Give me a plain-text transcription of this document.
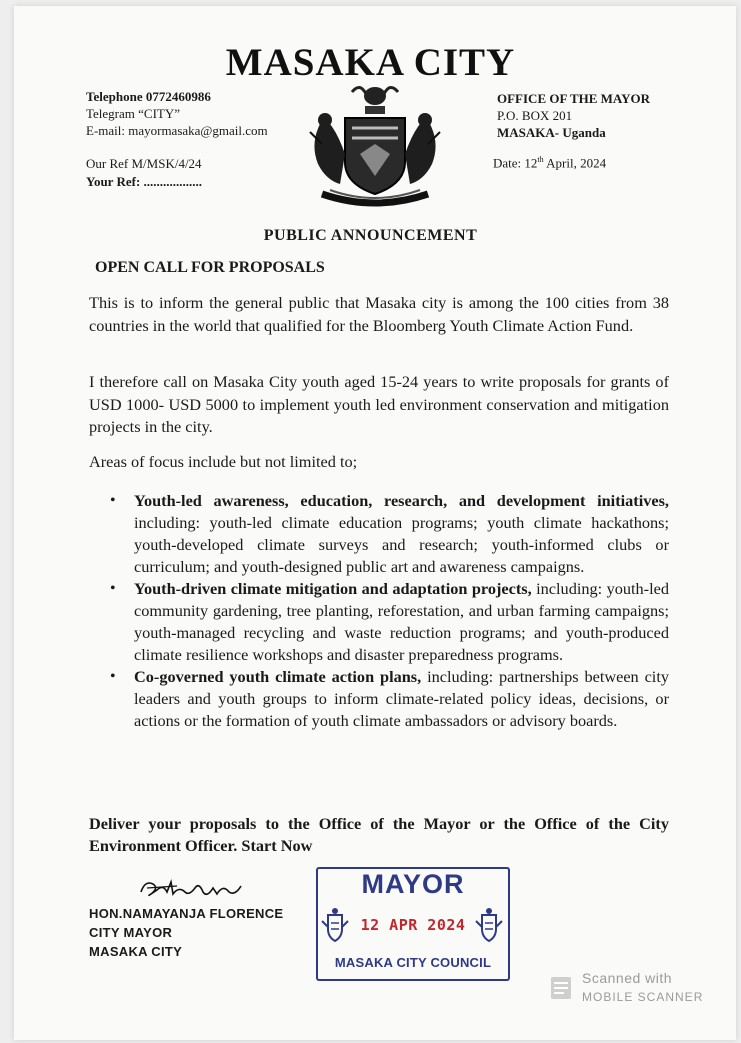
MASAKA CITY
Telephone 0772460986
Telegram “CITY”
E-mail: mayormasaka@gmail.com
Our Ref M/MSK/4/24
Your Ref: ..................
OFFICE OF THE MAYOR
P.O. BOX 201
MASAKA- Uganda
Date: 12th April, 2024
PUBLIC ANNOUNCEMENT
OPEN CALL FOR PROPOSALS

This is to inform the general public that Masaka city is among the 100 cities from 38 countries in the world that qualified for the Bloomberg Youth Climate Action Fund.

I therefore call on Masaka City youth aged 15-24 years to write proposals for grants of USD 1000- USD 5000 to implement youth led environment conservation and mitigation projects in the city.

Areas of focus include but not limited to;

• Youth-led awareness, education, research, and development initiatives, including: youth-led climate education programs; youth climate hackathons; youth-developed climate surveys and research; youth-informed clubs or curriculum; and youth-designed public art and awareness campaigns.
• Youth-driven climate mitigation and adaptation projects, including: youth-led community gardening, tree planting, reforestation, and urban farming campaigns; youth-managed recycling and waste reduction programs; and youth-produced climate resilience workshops and disaster preparedness programs.
• Co-governed youth climate action plans, including: partnerships between city leaders and youth groups to inform climate-related policy ideas, decisions, or actions or the formation of youth climate ambassadors or advisory boards.
Deliver your proposals to the Office of the Mayor or the Office of the City Environment Officer. Start Now
HON.NAMAYANJA FLORENCE
CITY MAYOR
MASAKA CITY
MAYOR
12 APR 2024
MASAKA CITY COUNCIL
Scanned with
MOBILE SCANNER
